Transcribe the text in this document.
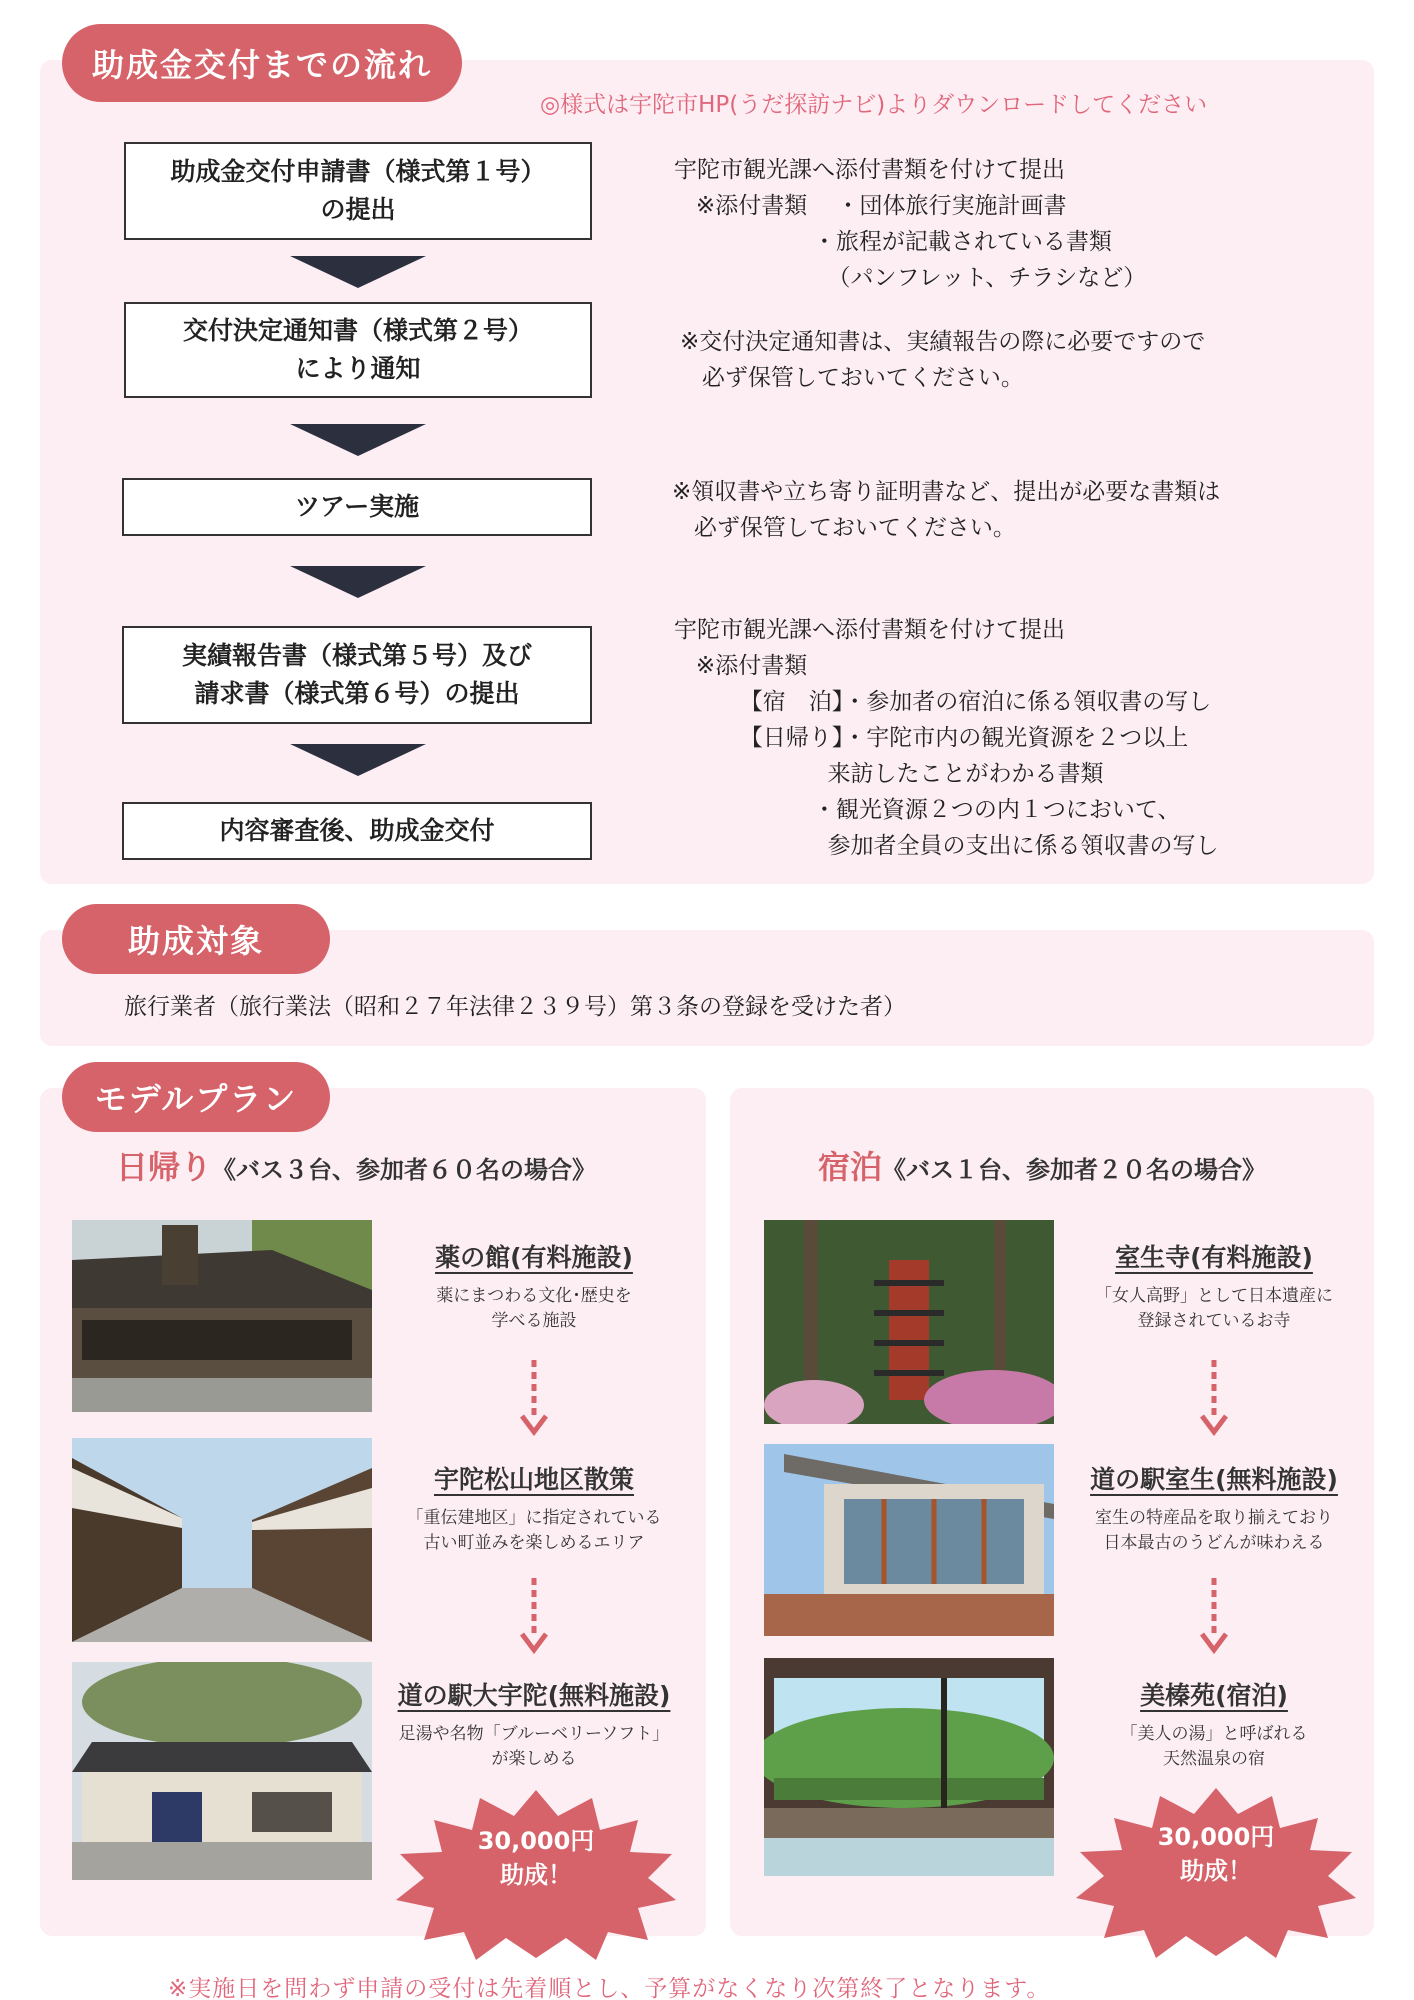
助成金交付までの流れ
◎様式は宇陀市HP(うだ探訪ナビ)よりダウンロードしてください
助成金交付申請書（様式第１号）
の提出
交付決定通知書（様式第２号）
により通知
ツアー実施
実績報告書（様式第５号）及び
請求書（様式第６号）の提出
内容審査後、助成金交付
宇陀市観光課へ添付書類を付けて提出
※添付書類    ・団体旅行実施計画書
・旅程が記載されている書類
（パンフレット、チラシなど）
※交付決定通知書は、実績報告の際に必要ですので
必ず保管しておいてください。
※領収書や立ち寄り証明書など、提出が必要な書類は
必ず保管しておいてください。
宇陀市観光課へ添付書類を付けて提出
※添付書類
【宿　泊】・参加者の宿泊に係る領収書の写し
【日帰り】・宇陀市内の観光資源を２つ以上
来訪したことがわかる書類
・観光資源２つの内１つにおいて、
参加者全員の支出に係る領収書の写し
助成対象
旅行業者（旅行業法（昭和２７年法律２３９号）第３条の登録を受けた者）
モデルプラン
日帰り《バス３台、参加者６０名の場合》	宿泊《バス１台、参加者２０名の場合》
薬の館(有料施設)
薬にまつわる文化･歴史を
学べる施設
宇陀松山地区散策
「重伝建地区」に指定されている
古い町並みを楽しめるエリア
道の駅大宇陀(無料施設)
足湯や名物「ブルーベリーソフト」
が楽しめる
室生寺(有料施設)
「女人高野」として日本遺産に
登録されているお寺
道の駅室生(無料施設)
室生の特産品を取り揃えており
日本最古のうどんが味わえる
美榛苑(宿泊)
「美人の湯」と呼ばれる
天然温泉の宿
30,000円
助成！
30,000円
助成！
※実施日を問わず申請の受付は先着順とし、予算がなくなり次第終了となります。
